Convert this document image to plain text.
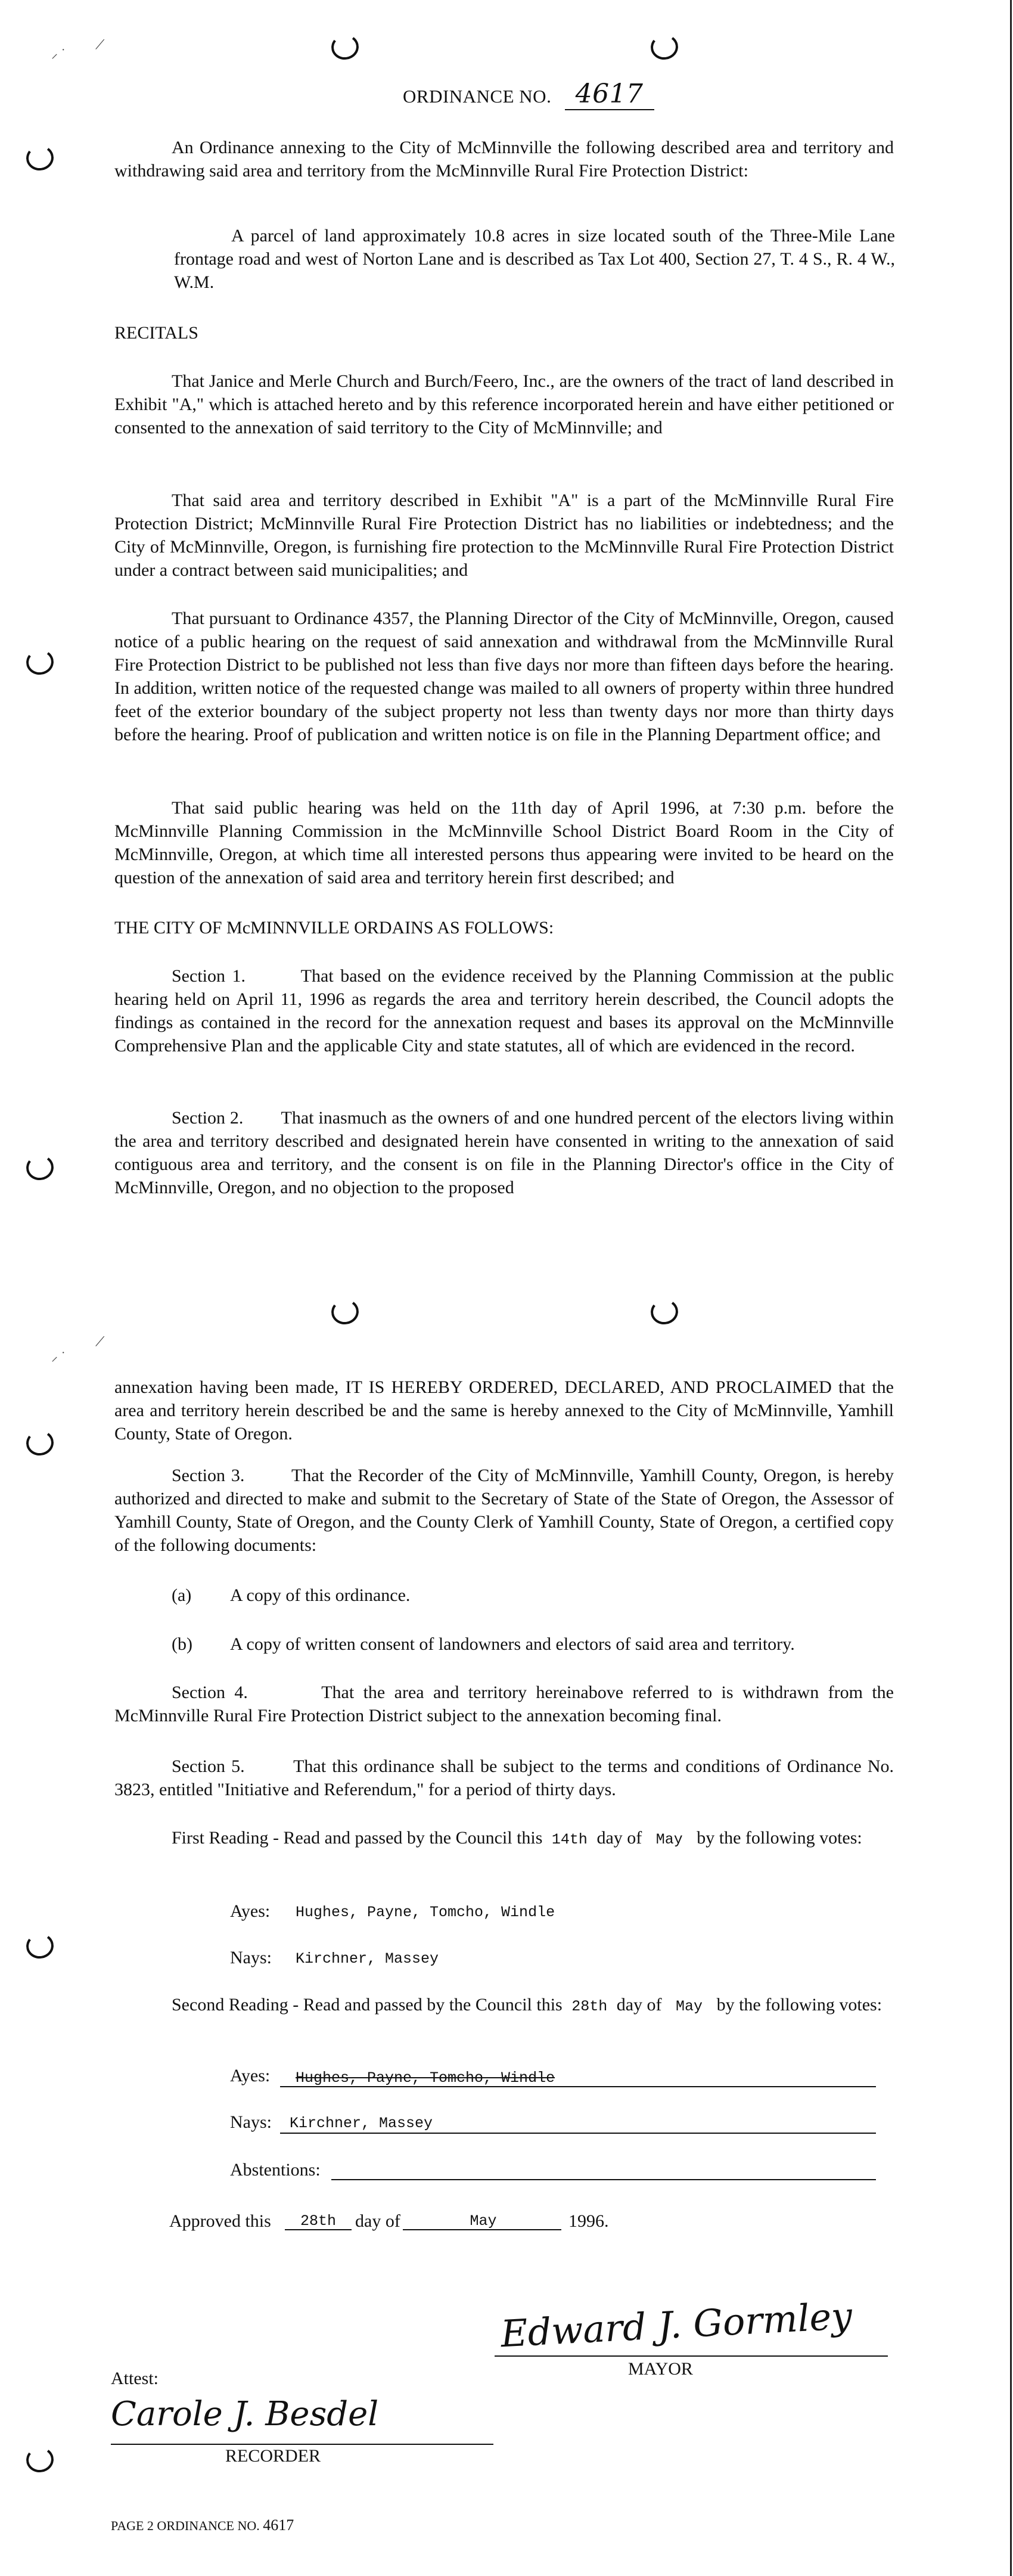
⸝ ˙
⟋
ORDINANCE NO. 4617

An Ordinance annexing to the City of McMinnville the following described area and territory and withdrawing said area and territory from the McMinnville Rural Fire Protection District:

A parcel of land approximately 10.8 acres in size located south of the Three-Mile Lane frontage road and west of Norton Lane and is described as Tax Lot 400, Section 27, T. 4 S., R. 4 W., W.M.

RECITALS

That Janice and Merle Church and Burch/Feero, Inc., are the owners of the tract of land described in Exhibit "A," which is attached hereto and by this reference incorporated herein and have either petitioned or consented to the annexation of said territory to the City of McMinnville; and

That said area and territory described in Exhibit "A" is a part of the McMinnville Rural Fire Protection District; McMinnville Rural Fire Protection District has no liabilities or indebtedness; and the City of McMinnville, Oregon, is furnishing fire protection to the McMinnville Rural Fire Protection District under a contract between said municipalities; and

That pursuant to Ordinance 4357, the Planning Director of the City of McMinnville, Oregon, caused notice of a public hearing on the request of said annexation and withdrawal from the McMinnville Rural Fire Protection District to be published not less than five days nor more than fifteen days before the hearing. In addition, written notice of the requested change was mailed to all owners of property within three hundred feet of the exterior boundary of the subject property not less than twenty days nor more than thirty days before the hearing. Proof of publication and written notice is on file in the Planning Department office; and

That said public hearing was held on the 11th day of April 1996, at 7:30 p.m. before the McMinnville Planning Commission in the McMinnville School District Board Room in the City of McMinnville, Oregon, at which time all interested persons thus appearing were invited to be heard on the question of the annexation of said area and territory herein first described; and

THE CITY OF McMINNVILLE ORDAINS AS FOLLOWS:

Section 1.	That based on the evidence received by the Planning Commission at the public hearing held on April 11, 1996 as regards the area and territory herein described, the Council adopts the findings as contained in the record for the annexation request and bases its approval on the McMinnville Comprehensive Plan and the applicable City and state statutes, all of which are evidenced in the record.

Section 2. That inasmuch as the owners of and one hundred percent of the electors living within the area and territory described and designated herein have consented in writing to the annexation of said contiguous area and territory, and the consent is on file in the Planning Director's office in the City of McMinnville, Oregon, and no objection to the proposed

⸝ ˙
⟋

annexation having been made, IT IS HEREBY ORDERED, DECLARED, AND PROCLAIMED that the area and territory herein described be and the same is hereby annexed to the City of McMinnville, Yamhill County, State of Oregon.

Section 3.	That the Recorder of the City of McMinnville, Yamhill County, Oregon, is hereby authorized and directed to make and submit to the Secretary of State of the State of Oregon, the Assessor of Yamhill County, State of Oregon, and the County Clerk of Yamhill County, State of Oregon, a certified copy of the following documents:

(a) A copy of this ordinance.
(b) A copy of written consent of landowners and electors of said area and territory.

Section 4.	That the area and territory hereinabove referred to is withdrawn from the McMinnville Rural Fire Protection District subject to the annexation becoming final.

Section 5.	That this ordinance shall be subject to the terms and conditions of Ordinance No. 3823, entitled "Initiative and Referendum," for a period of thirty days.

First Reading - Read and passed by the Council this 14th day of May by the following votes:

Ayes: Hughes, Payne, Tomcho, Windle
Nays: Kirchner, Massey

Second Reading - Read and passed by the Council this 28th day of May by the following votes:

Ayes: Hughes, Payne, Tomcho, Windle
Nays: Kirchner, Massey
Abstentions:
Approved this	28th	day of	May	1996.
Edward J. Gormley
MAYOR
Attest:
Carole J. Besdel
RECORDER
PAGE 2 ORDINANCE NO. 4617
